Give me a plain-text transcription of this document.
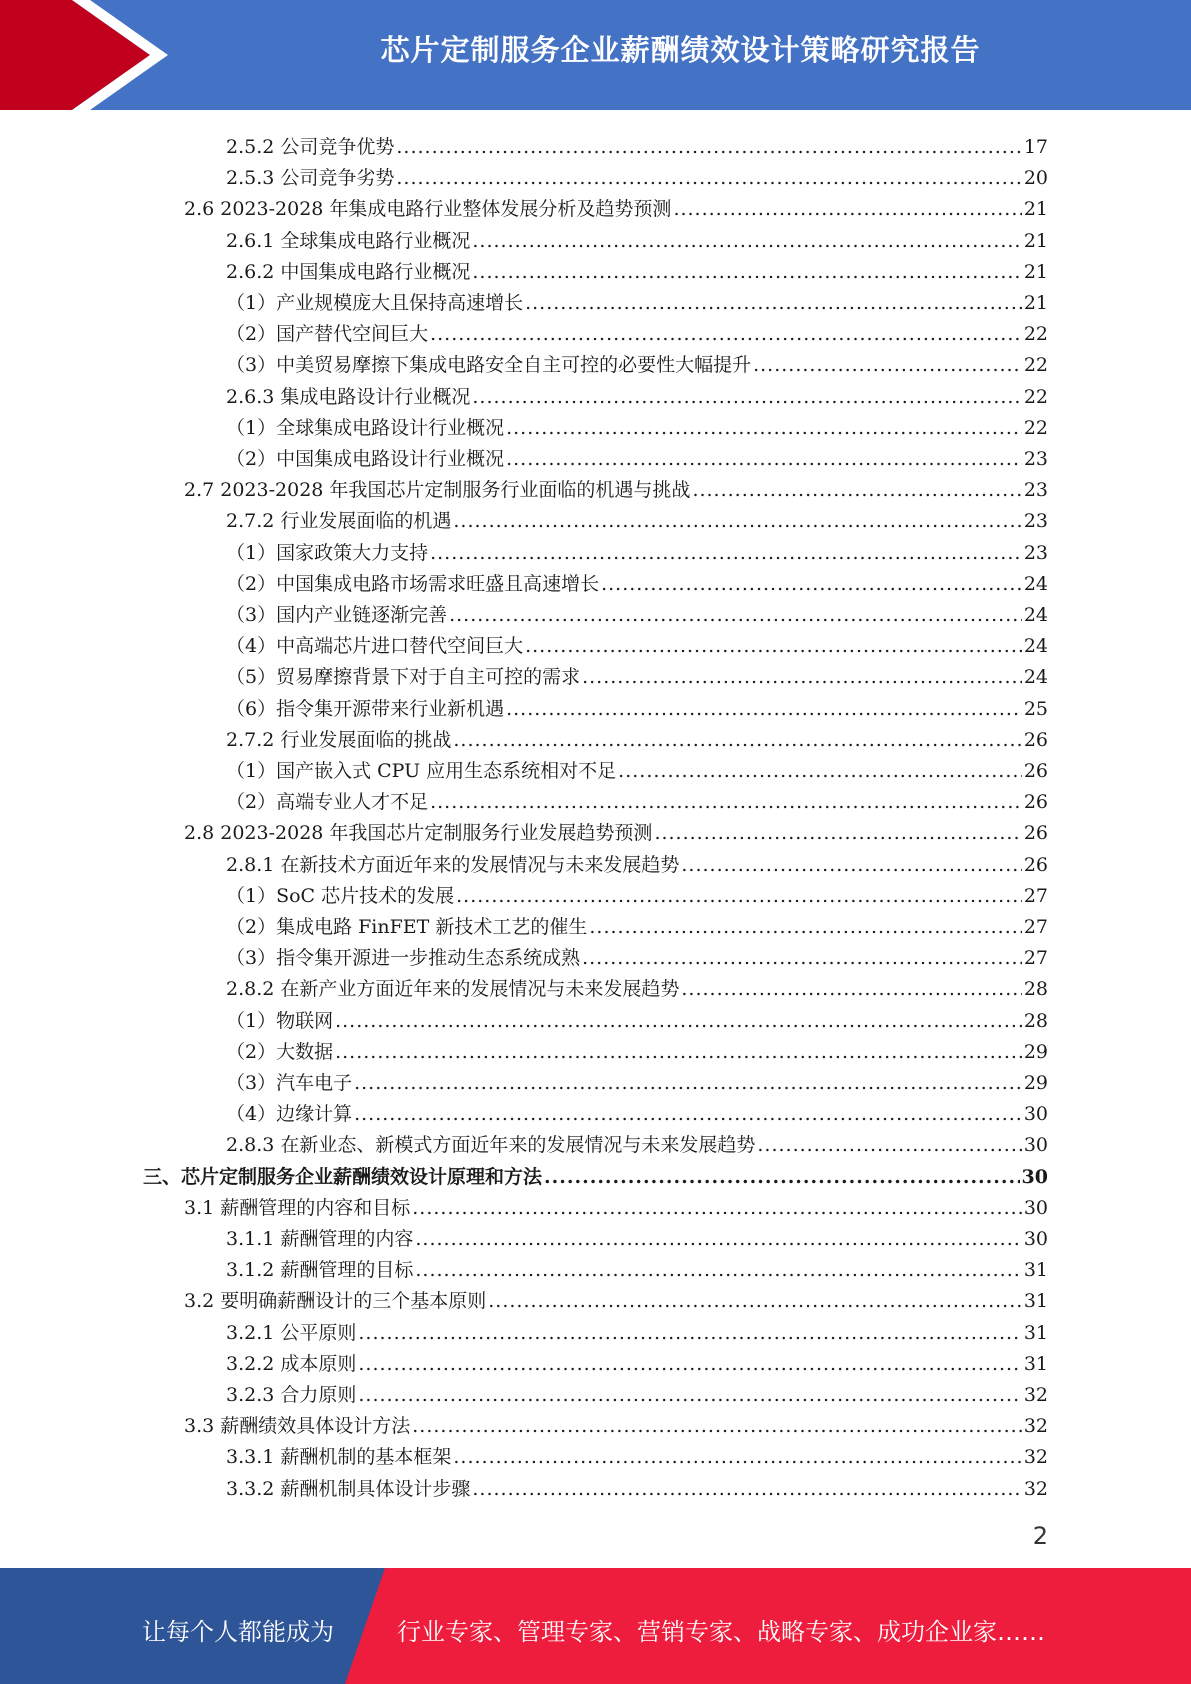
芯片定制服务企业薪酬绩效设计策略研究报告
2.5.2 公司竞争优势 .....	17
2.5.3 公司竞争劣势 .....	20
2.6 2023-2028 年集成电路行业整体发展分析及趋势预测 .....	21
2.6.1 全球集成电路行业概况 .....	21
2.6.2 中国集成电路行业概况 .....	21
（1）产业规模庞大且保持高速增长 .....	21
（2）国产替代空间巨大 .....	22
（3）中美贸易摩擦下集成电路安全自主可控的必要性大幅提升 .....	22
2.6.3 集成电路设计行业概况 .....	22
（1）全球集成电路设计行业概况 .....	22
（2）中国集成电路设计行业概况 .....	23
2.7 2023-2028 年我国芯片定制服务行业面临的机遇与挑战 .....	23
2.7.2 行业发展面临的机遇 .....	23
（1）国家政策大力支持 .....	23
（2）中国集成电路市场需求旺盛且高速增长 .....	24
（3）国内产业链逐渐完善 .....	24
（4）中高端芯片进口替代空间巨大 .....	24
（5）贸易摩擦背景下对于自主可控的需求 .....	24
（6）指令集开源带来行业新机遇 .....	25
2.7.2 行业发展面临的挑战 .....	26
（1）国产嵌入式 CPU 应用生态系统相对不足 .....	26
（2）高端专业人才不足 .....	26
2.8 2023-2028 年我国芯片定制服务行业发展趋势预测 .....	26
2.8.1 在新技术方面近年来的发展情况与未来发展趋势 .....	26
（1）SoC 芯片技术的发展 .....	27
（2）集成电路 FinFET 新技术工艺的催生 .....	27
（3）指令集开源进一步推动生态系统成熟 .....	27
2.8.2 在新产业方面近年来的发展情况与未来发展趋势 .....	28
（1）物联网 .....	28
（2）大数据 .....	29
（3）汽车电子 .....	29
（4）边缘计算 .....	30
2.8.3 在新业态、新模式方面近年来的发展情况与未来发展趋势 .....	30
三、芯片定制服务企业薪酬绩效设计原理和方法 .....	30
3.1 薪酬管理的内容和目标 .....	30
3.1.1 薪酬管理的内容 .....	30
3.1.2 薪酬管理的目标 .....	31
3.2 要明确薪酬设计的三个基本原则 .....	31
3.2.1 公平原则 .....	31
3.2.2 成本原则 .....	31
3.2.3 合力原则 .....	32
3.3 薪酬绩效具体设计方法 .....	32
3.3.1 薪酬机制的基本框架 .....	32
3.3.2 薪酬机制具体设计步骤 .....	32
2
让每个人都能成为	行业专家、管理专家、营销专家、战略专家、成功企业家……
